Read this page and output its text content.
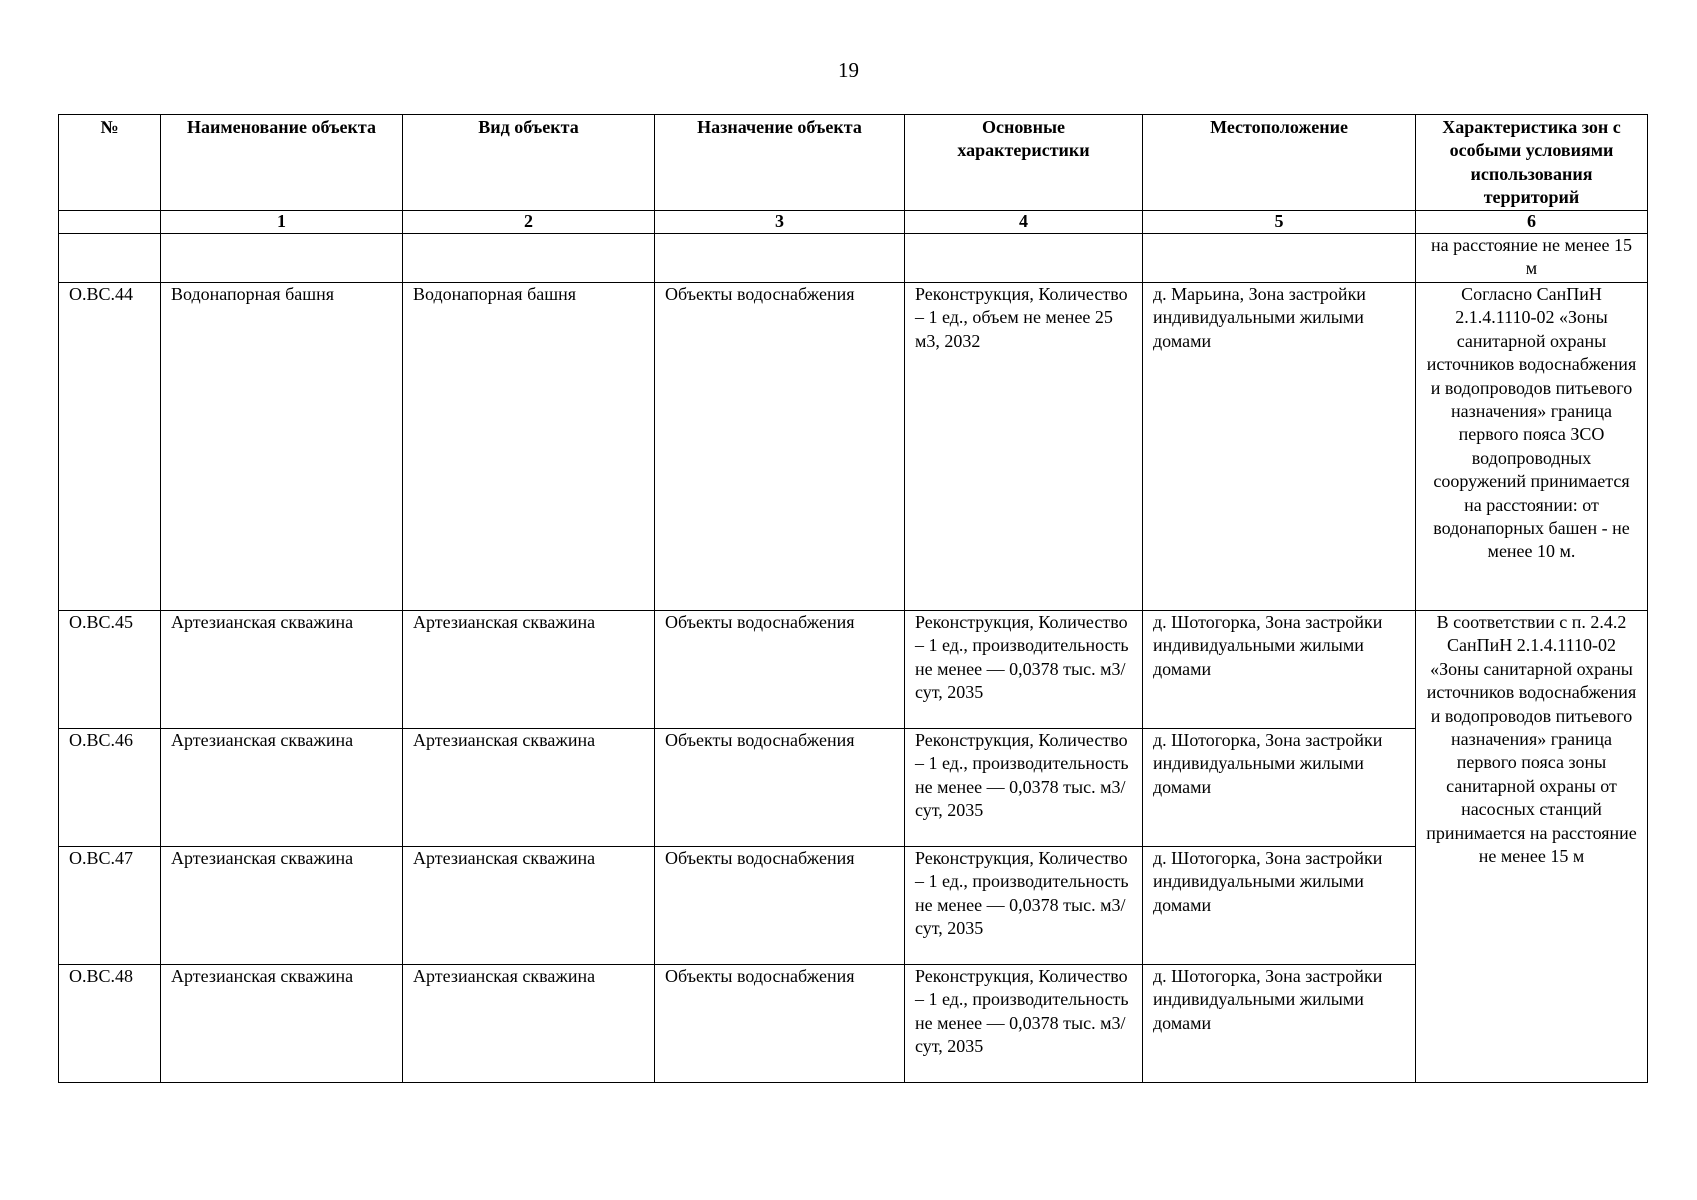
19
№	Наименование объекта	Вид объекта	Назначение объекта	Основные характеристики	Местоположение	Характеристика зон с особыми условиями использования территорий
	1	2	3	4	5	6
						на расстояние не менее 15 м
О.ВС.44	Водонапорная башня	Водонапорная башня	Объекты водоснабжения	Реконструкция, Количество – 1 ед., объем не менее 25 м3, 2032	д. Марьина, Зона застройки индивидуальными жилыми домами	Согласно СанПиН 2.1.4.1110-02 «Зоны санитарной охраны источников водоснабжения и водопроводов питьевого назначения» граница первого пояса ЗСО водопроводных сооружений принимается на расстоянии: от водонапорных башен - не менее 10 м.
О.ВС.45	Артезианская скважина	Артезианская скважина	Объекты водоснабжения	Реконструкция, Количество – 1 ед., производительность не менее — 0,0378 тыс. м3/сут, 2035	д. Шотогорка, Зона застройки индивидуальными жилыми домами	В соответствии с п. 2.4.2 СанПиН 2.1.4.1110-02 «Зоны санитарной охраны источников водоснабжения и водопроводов питьевого назначения» граница первого пояса зоны санитарной охраны от насосных станций принимается на расстояние не менее 15 м
О.ВС.46	Артезианская скважина	Артезианская скважина	Объекты водоснабжения	Реконструкция, Количество – 1 ед., производительность не менее — 0,0378 тыс. м3/сут, 2035	д. Шотогорка, Зона застройки индивидуальными жилыми домами	
О.ВС.47	Артезианская скважина	Артезианская скважина	Объекты водоснабжения	Реконструкция, Количество – 1 ед., производительность не менее — 0,0378 тыс. м3/сут, 2035	д. Шотогорка, Зона застройки индивидуальными жилыми домами	
О.ВС.48	Артезианская скважина	Артезианская скважина	Объекты водоснабжения	Реконструкция, Количество – 1 ед., производительность не менее — 0,0378 тыс. м3/сут, 2035	д. Шотогорка, Зона застройки индивидуальными жилыми домами	
